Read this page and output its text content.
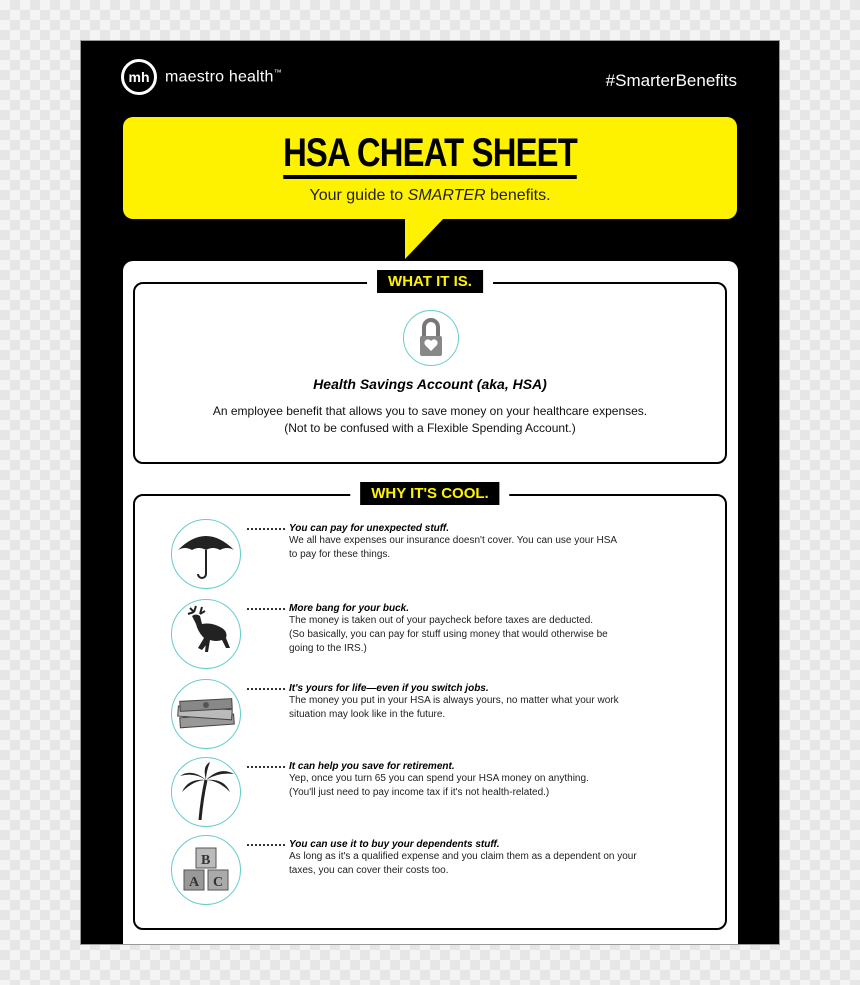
mh maestro health™	#SmarterBenefits
HSA CHEAT SHEET
Your guide to SMARTER benefits.
WHAT IT IS.
Health Savings Account (aka, HSA)
An employee benefit that allows you to save money on your healthcare expenses.
(Not to be confused with a Flexible Spending Account.)
WHY IT'S COOL.
You can pay for unexpected stuff.
We all have expenses our insurance doesn't cover. You can use your HSA
to pay for these things.
More bang for your buck.
The money is taken out of your paycheck before taxes are deducted.
(So basically, you can pay for stuff using money that would otherwise be
going to the IRS.)
It's yours for life—even if you switch jobs.
The money you put in your HSA is always yours, no matter what your work
situation may look like in the future.
It can help you save for retirement.
Yep, once you turn 65 you can spend your HSA money on anything.
(You'll just need to pay income tax if it's not health-related.)
B
A C
You can use it to buy your dependents stuff.
As long as it's a qualified expense and you claim them as a dependent on your
taxes, you can cover their costs too.
